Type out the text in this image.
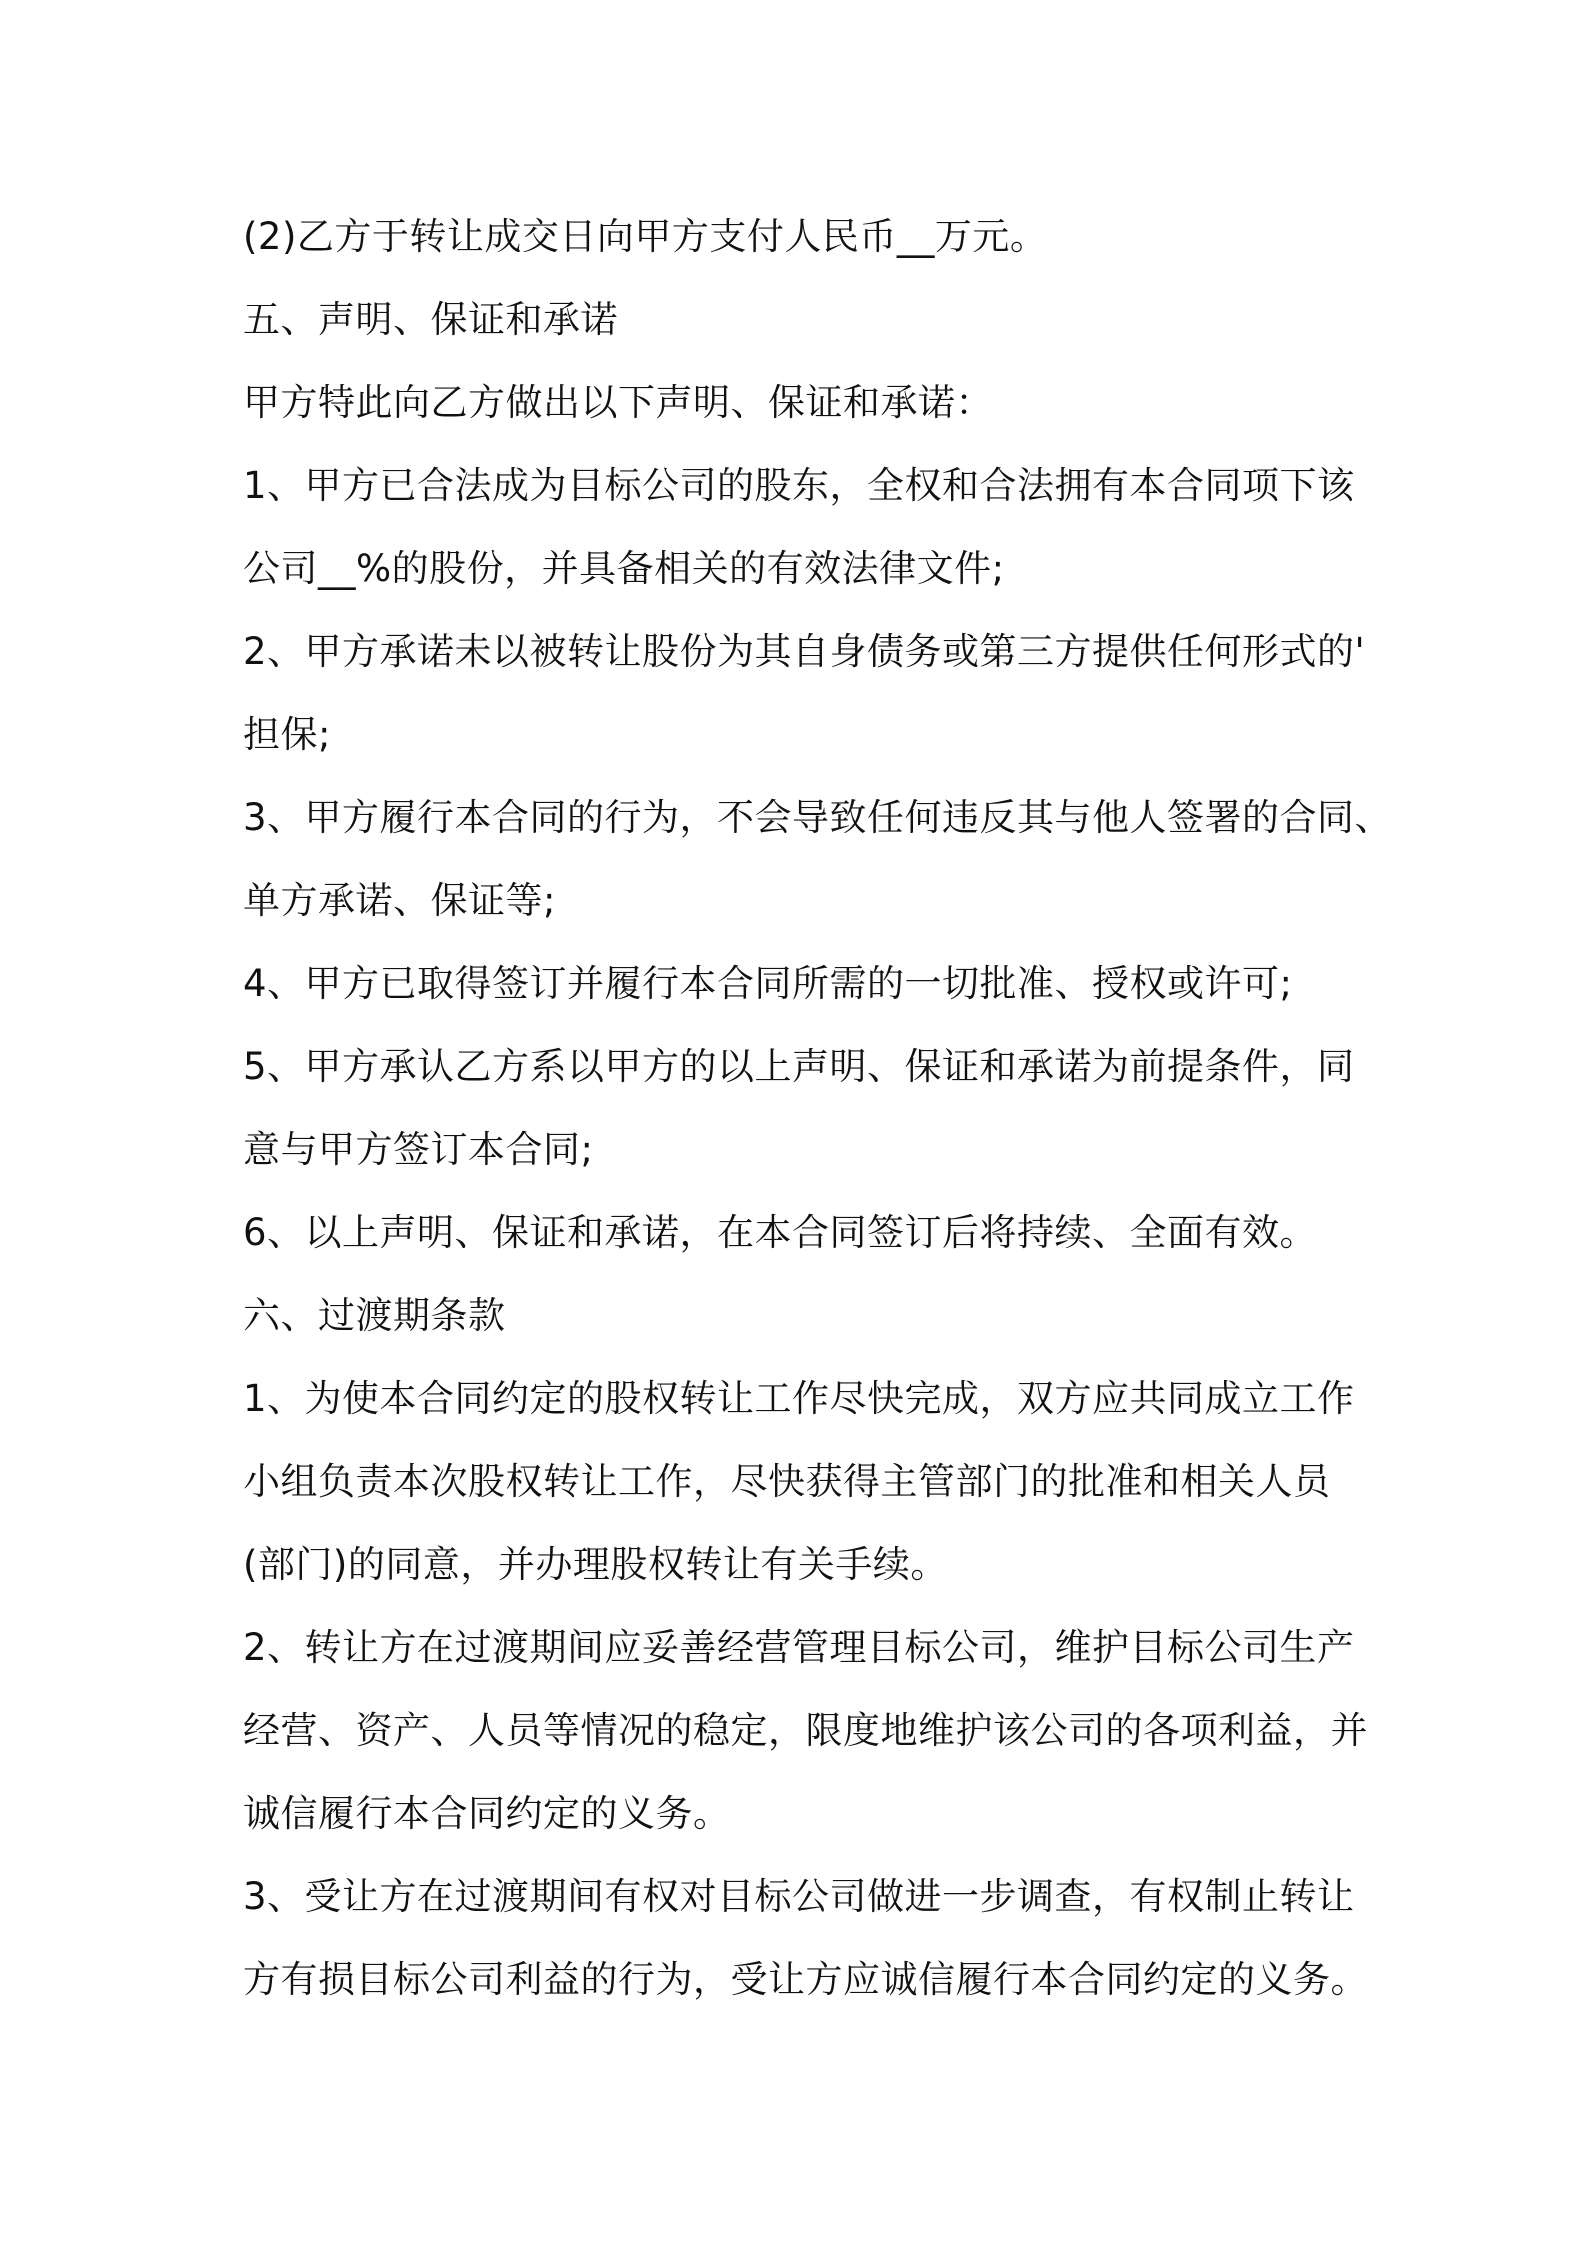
(2)乙方于转让成交日向甲方支付人民币__万元。
五、声明、保证和承诺
甲方特此向乙方做出以下声明、保证和承诺：
1、甲方已合法成为目标公司的股东，全权和合法拥有本合同项下该
公司__%的股份，并具备相关的有效法律文件;
2、甲方承诺未以被转让股份为其自身债务或第三方提供任何形式的'
担保;
3、甲方履行本合同的行为，不会导致任何违反其与他人签署的合同、
单方承诺、保证等;
4、甲方已取得签订并履行本合同所需的一切批准、授权或许可;
5、甲方承认乙方系以甲方的以上声明、保证和承诺为前提条件，同
意与甲方签订本合同;
6、以上声明、保证和承诺，在本合同签订后将持续、全面有效。
六、过渡期条款
1、为使本合同约定的股权转让工作尽快完成，双方应共同成立工作
小组负责本次股权转让工作，尽快获得主管部门的批准和相关人员
(部门)的同意，并办理股权转让有关手续。
2、转让方在过渡期间应妥善经营管理目标公司，维护目标公司生产
经营、资产、人员等情况的稳定，限度地维护该公司的各项利益，并
诚信履行本合同约定的义务。
3、受让方在过渡期间有权对目标公司做进一步调查，有权制止转让
方有损目标公司利益的行为，受让方应诚信履行本合同约定的义务。
